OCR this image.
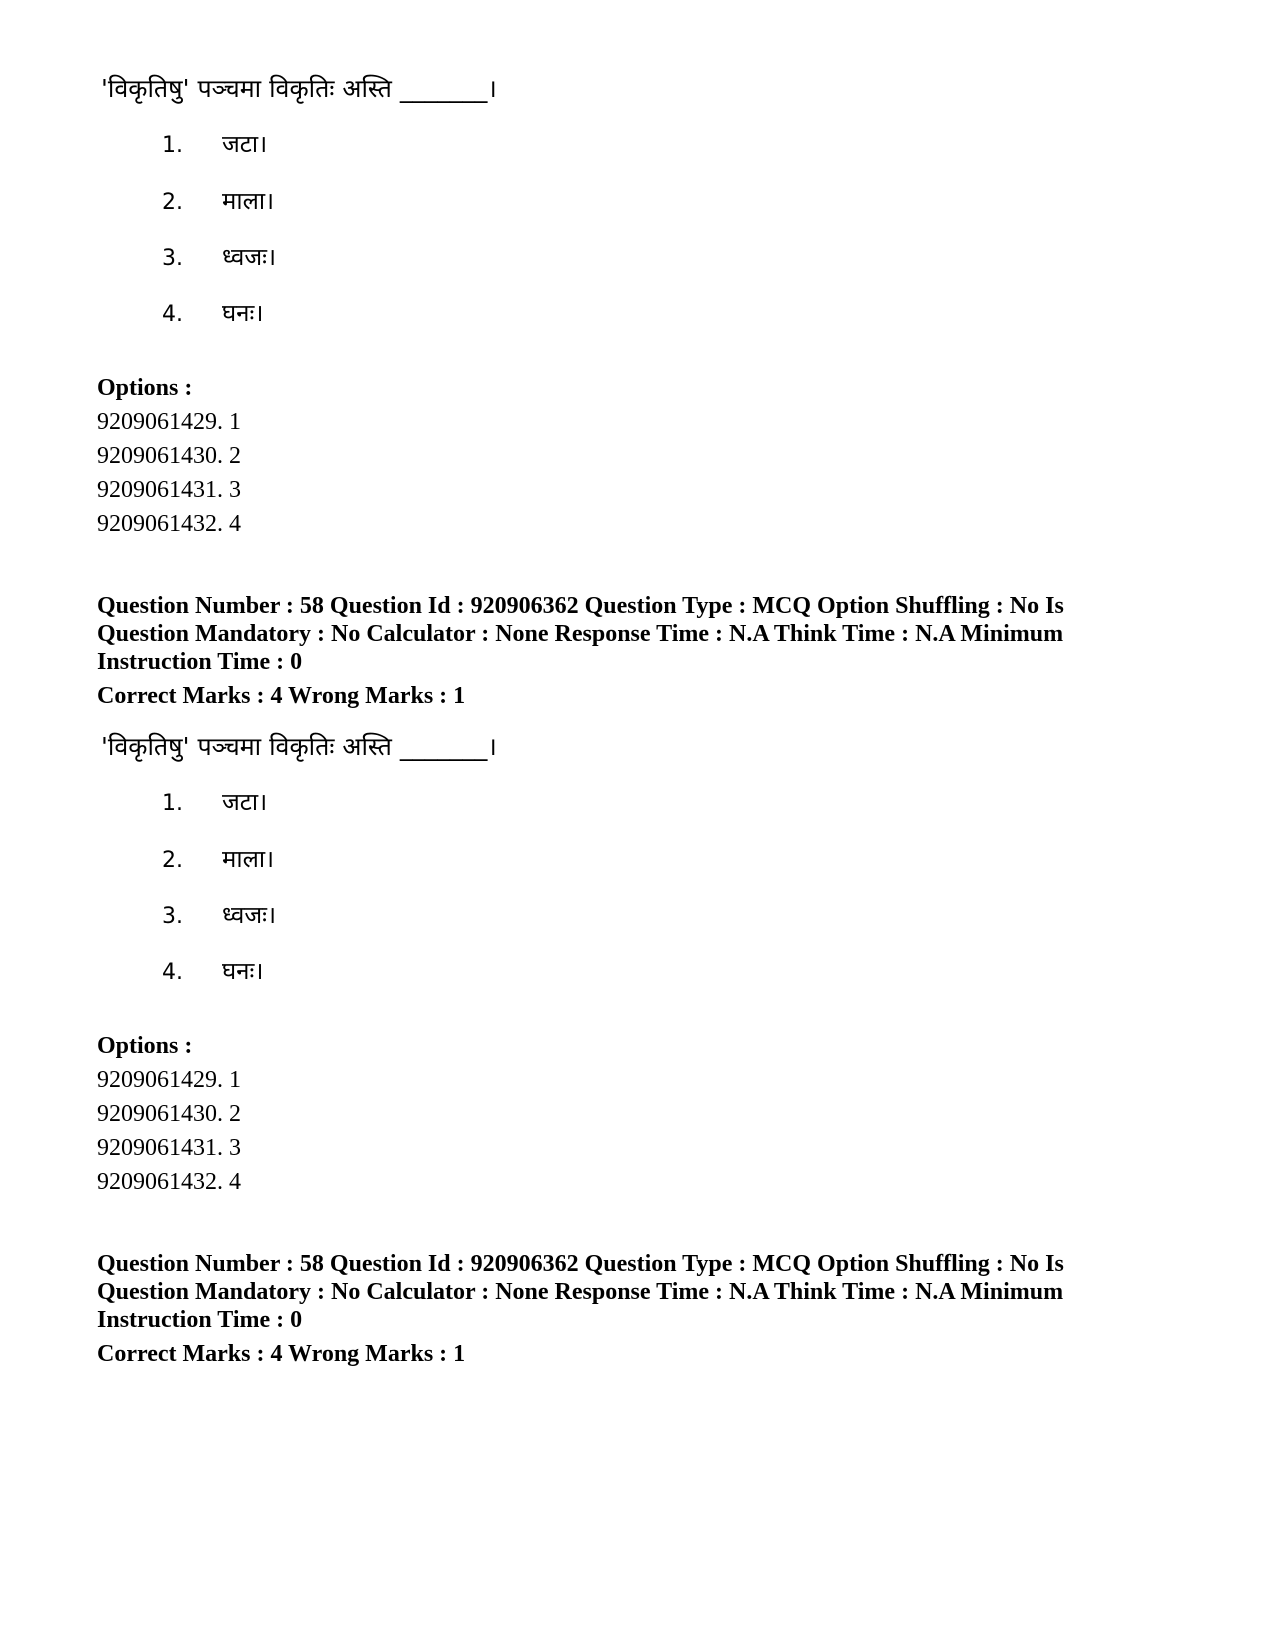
'विकृतिषु' पञ्चमा विकृतिः अस्ति _______।
1. जटा।
2. माला।
3. ध्वजः।
4. घनः।
Options :
9209061429. 1
9209061430. 2
9209061431. 3
9209061432. 4
Question Number : 58 Question Id : 920906362 Question Type : MCQ Option Shuffling : No Is
Question Mandatory : No Calculator : None Response Time : N.A Think Time : N.A Minimum
Instruction Time : 0
Correct Marks : 4 Wrong Marks : 1
'विकृतिषु' पञ्चमा विकृतिः अस्ति _______।
1. जटा।
2. माला।
3. ध्वजः।
4. घनः।
Options :
9209061429. 1
9209061430. 2
9209061431. 3
9209061432. 4
Question Number : 58 Question Id : 920906362 Question Type : MCQ Option Shuffling : No Is
Question Mandatory : No Calculator : None Response Time : N.A Think Time : N.A Minimum
Instruction Time : 0
Correct Marks : 4 Wrong Marks : 1
